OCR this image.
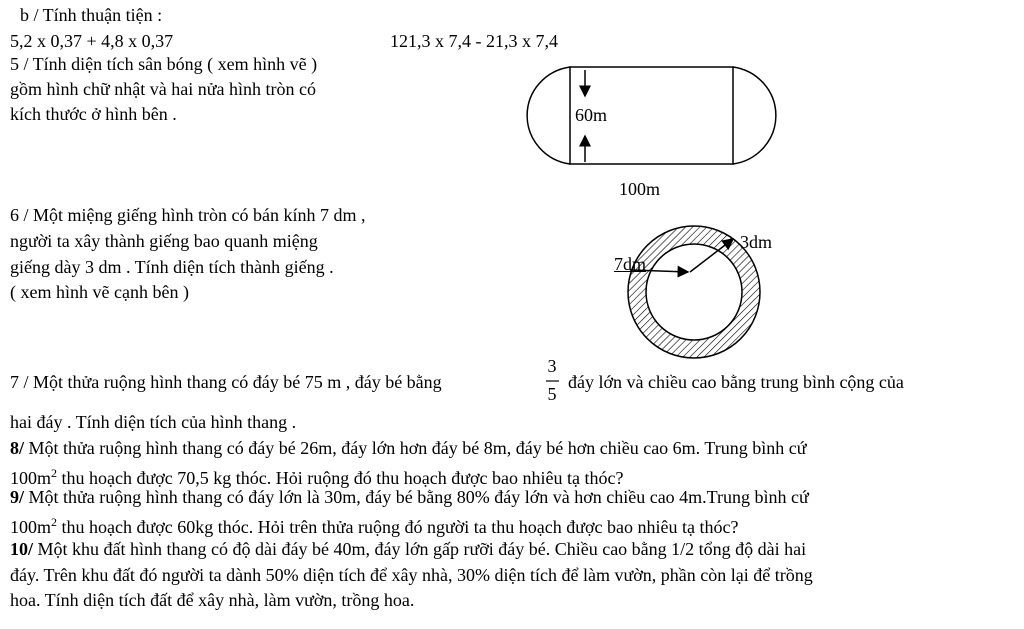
b / Tính thuận tiện :
5,2 x 0,37 + 4,8 x 0,37	121,3 x 7,4 - 21,3 x 7,4
5 / Tính diện tích sân bóng ( xem hình vẽ )
gồm hình chữ nhật và hai nửa hình tròn có
kích thước ở hình bên .
6 / Một miệng giếng hình tròn có bán kính 7 dm ,
người ta xây thành giếng bao quanh miệng
giếng dày 3 dm . Tính diện tích thành giếng .
( xem hình vẽ cạnh bên )
60m
100m
7dm
3dm
7 / Một thửa ruộng hình thang có đáy bé 75 m , đáy bé bằng
3
5
đáy lớn và chiều cao bằng trung bình cộng của
hai đáy . Tính diện tích của hình thang .
8/ Một thửa ruộng hình thang có đáy bé 26m, đáy lớn hơn đáy bé 8m, đáy bé hơn chiều cao 6m. Trung bình cứ
$100m^2$ thu hoạch được 70,5 kg thóc. Hỏi ruộng đó thu hoạch được bao nhiêu tạ thóc?
9/ Một thửa ruộng hình thang có đáy lớn là 30m, đáy bé bằng 80% đáy lớn và hơn chiều cao 4m.Trung bình cứ
$100m^2$ thu hoạch được 60kg thóc. Hỏi trên thửa ruộng đó người ta thu hoạch được bao nhiêu tạ thóc?
10/ Một khu đất hình thang có độ dài đáy bé 40m, đáy lớn gấp rưỡi đáy bé. Chiều cao bằng 1/2 tổng độ dài hai
đáy. Trên khu đất đó người ta dành 50% diện tích để xây nhà, 30% diện tích để làm vườn, phần còn lại để trồng
hoa. Tính diện tích đất để xây nhà, làm vườn, trồng hoa.
